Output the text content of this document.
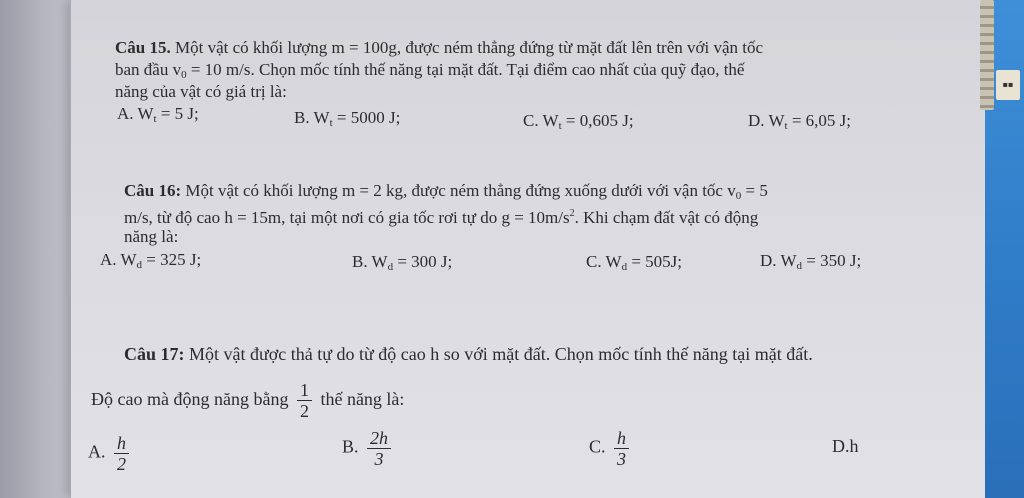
▪▪
Câu 15. Một vật có khối lượng m = 100g, được ném thẳng đứng từ mặt đất lên trên với vận tốc
ban đầu $v_0 = 10$ m/s. Chọn mốc tính thế năng tại mặt đất. Tại điểm cao nhất của quỹ đạo, thế
năng của vật có giá trị là:
A. $W_t = 5$ J;	B. $W_t = 5000$ J;	C. $W_t = 0,605$ J;	D. $W_t = 6,05$ J;
Câu 16: Một vật có khối lượng m = 2 kg, được ném thẳng đứng xuống dưới với vận tốc $v_0 = 5$
m/s, từ độ cao h = 15m, tại một nơi có gia tốc rơi tự do $g = 10m/s^2$. Khi chạm đất vật có động
năng là:
A. $W_d = 325$ J;	B. $W_d = 300$ J;	C. $W_d = 505J$;	D. $W_d = 350$ J;
Câu 17: Một vật được thả tự do từ độ cao h so với mặt đất. Chọn mốc tính thế năng tại mặt đất.
Độ cao mà động năng bằng $\frac{1}{2}$ thế năng là:
A. $\frac{h}{2}$	B. $\frac{2h}{3}$	C. $\frac{h}{3}$	D.h
